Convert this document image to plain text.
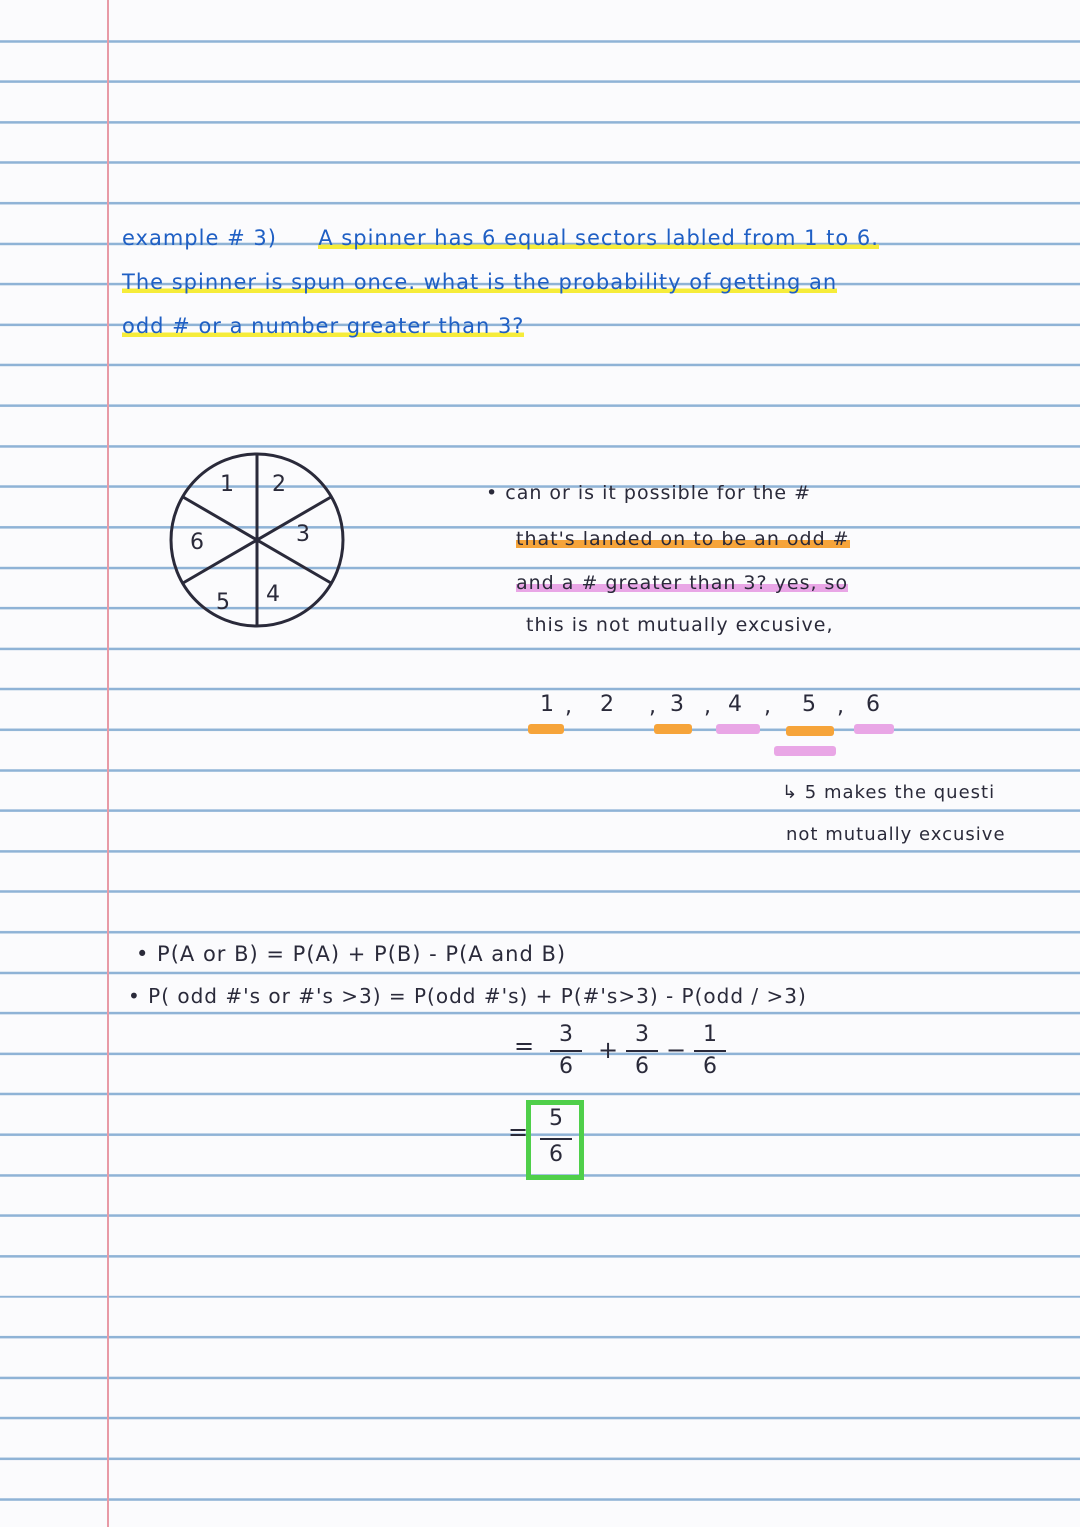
example # 3) A spinner has 6 equal sectors labled from 1 to 6.
The spinner is spun once. what is the probability of getting an
odd # or a number greater than 3?
1 2
3
4
5
6
• can or is it possible for the #
that's landed on to be an odd #
and a # greater than 3? yes, so
this is not mutually excusive,
1 , 2 , 3 , 4 , 5 , 6
↳ 5 makes the questi
not mutually excusive
• P(A or B) = P(A) + P(B) - P(A and B)
• P( odd #'s or #'s >3) = P(odd #'s) + P(#'s>3) - P(odd / >3)
=	3
6
+
3
6
−
1
6
= 5
6
